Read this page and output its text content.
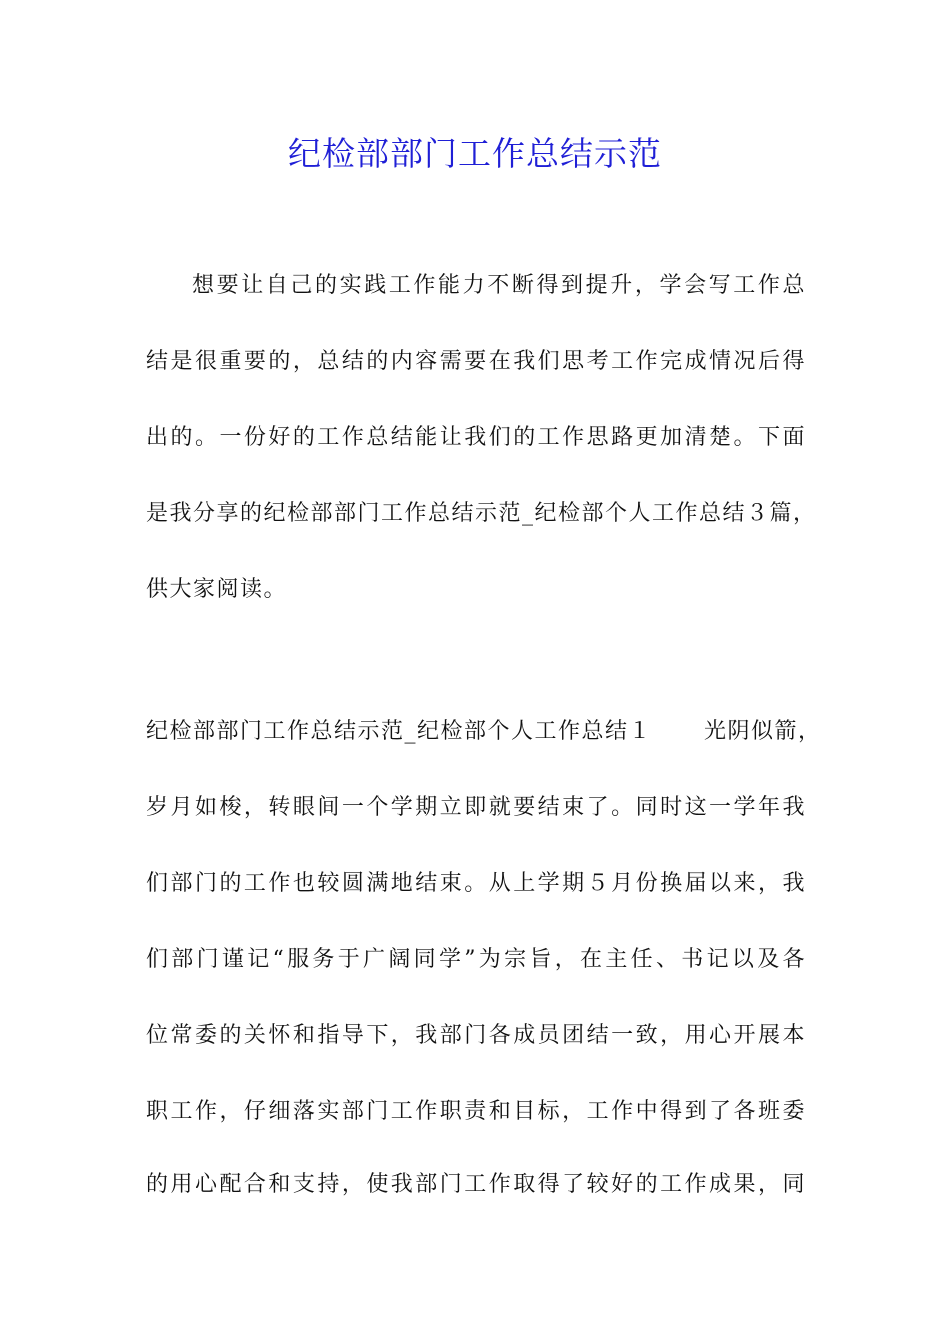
纪检部部门工作总结示范
想要让自己的实践工作能力不断得到提升，学会写工作总
结是很重要的，总结的内容需要在我们思考工作完成情况后得
出的。一份好的工作总结能让我们的工作思路更加清楚。下面
是我分享的纪检部部门工作总结示范_纪检部个人工作总结３篇，
供大家阅读。
纪检部部门工作总结示范_纪检部个人工作总结１ 光阴似箭，
岁月如梭，转眼间一个学期立即就要结束了。同时这一学年我
们部门的工作也较圆满地结束。从上学期５月份换届以来，我
们部门谨记“服务于广阔同学”为宗旨，在主任、书记以及各
位常委的关怀和指导下，我部门各成员团结一致，用心开展本
职工作，仔细落实部门工作职责和目标，工作中得到了各班委
的用心配合和支持，使我部门工作取得了较好的工作成果，同
